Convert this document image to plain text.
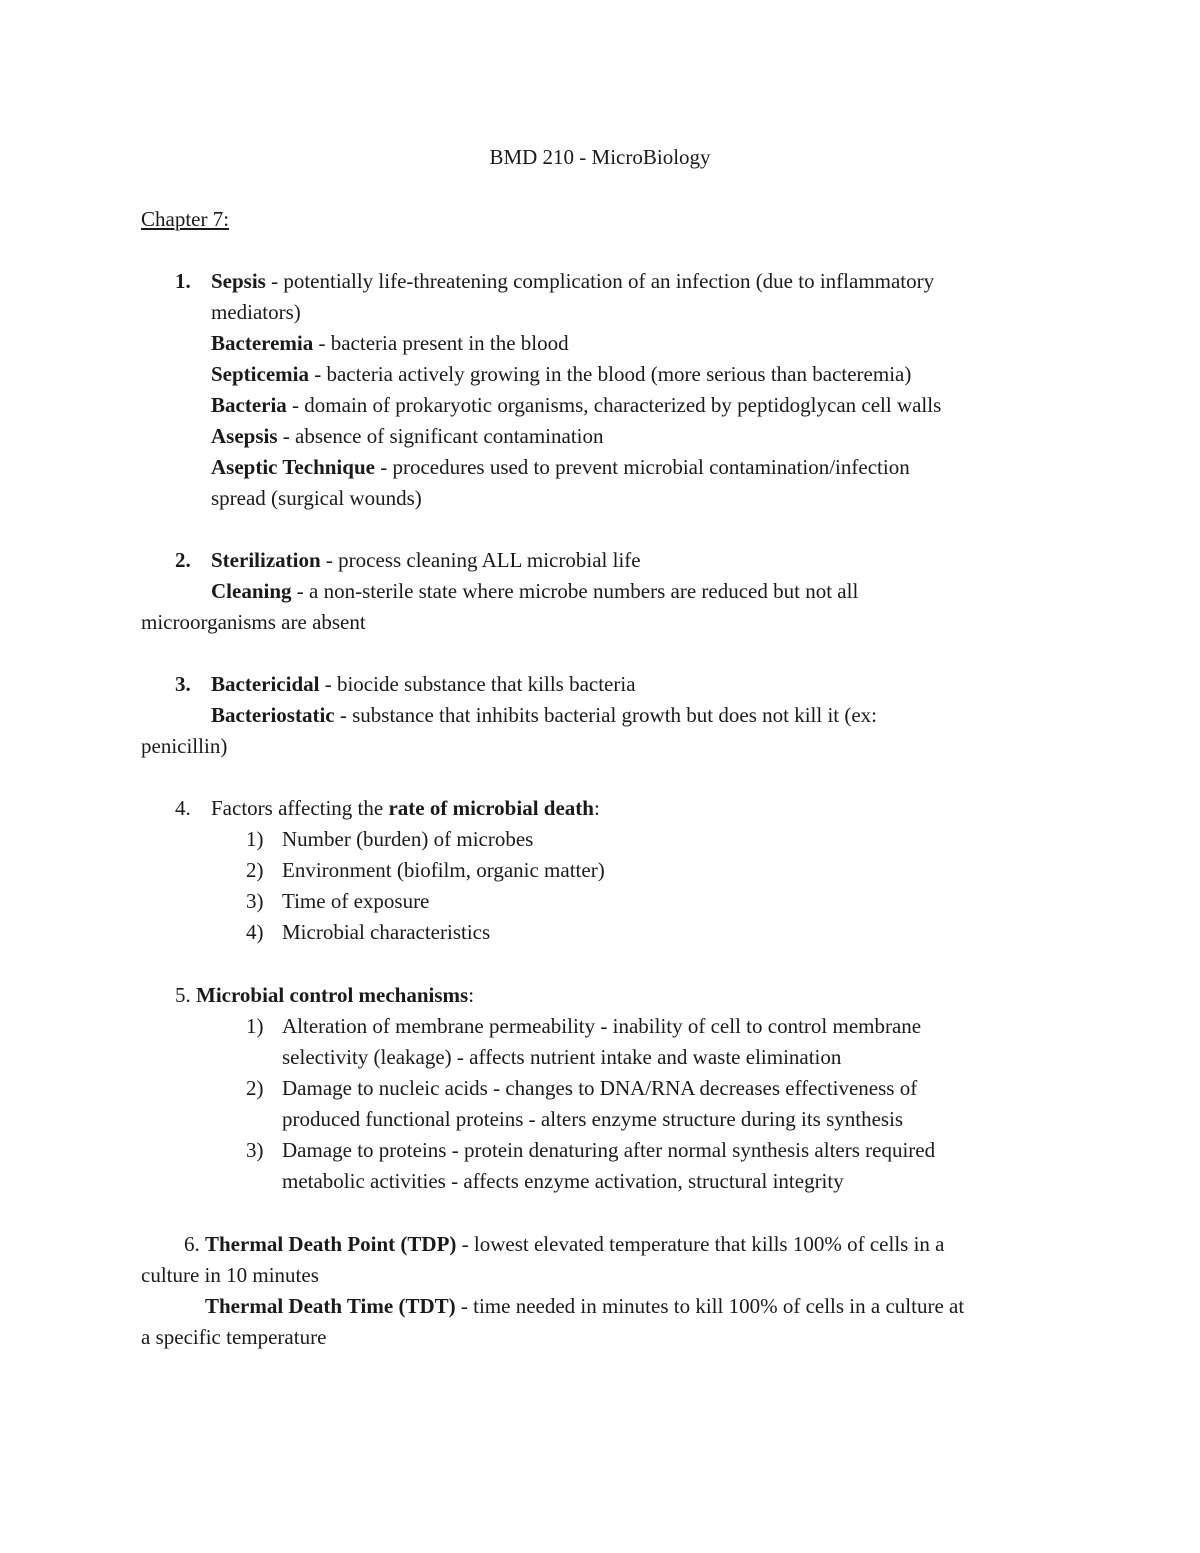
BMD 210 - MicroBiology
Chapter 7:
1. Sepsis - potentially life-threatening complication of an infection (due to inflammatory
mediators)
Bacteremia - bacteria present in the blood
Septicemia - bacteria actively growing in the blood (more serious than bacteremia)
Bacteria - domain of prokaryotic organisms, characterized by peptidoglycan cell walls
Asepsis - absence of significant contamination
Aseptic Technique - procedures used to prevent microbial contamination/infection
spread (surgical wounds)
2. Sterilization - process cleaning ALL microbial life
Cleaning - a non-sterile state where microbe numbers are reduced but not all
microorganisms are absent
3. Bactericidal - biocide substance that kills bacteria
Bacteriostatic - substance that inhibits bacterial growth but does not kill it (ex:
penicillin)
4. Factors affecting the rate of microbial death:
1) Number (burden) of microbes
2) Environment (biofilm, organic matter)
3) Time of exposure
4) Microbial characteristics
5. Microbial control mechanisms:
1) Alteration of membrane permeability - inability of cell to control membrane
selectivity (leakage) - affects nutrient intake and waste elimination
2) Damage to nucleic acids - changes to DNA/RNA decreases effectiveness of
produced functional proteins - alters enzyme structure during its synthesis
3) Damage to proteins - protein denaturing after normal synthesis alters required
metabolic activities - affects enzyme activation, structural integrity
6. Thermal Death Point (TDP) - lowest elevated temperature that kills 100% of cells in a
culture in 10 minutes
Thermal Death Time (TDT) - time needed in minutes to kill 100% of cells in a culture at
a specific temperature
